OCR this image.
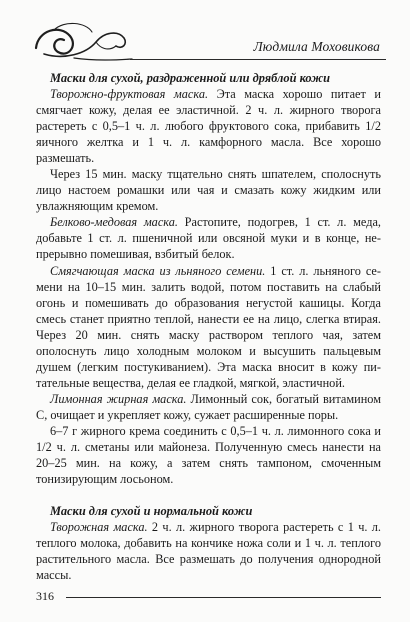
Людмила Моховикова
Маски для сухой, раздраженной или дряблой кожи

Творожно-фруктовая маска. Эта маска хорошо питает и смягчает кожу, делая ее эластичной. 2 ч. л. жирного творога растереть с 0,5–1 ч. л. любого фруктового сока, прибавить 1/2 яичного желтка и 1 ч. л. камфорного масла. Все хорошо размешать.

Через 15 мин. маску тщательно снять шпателем, сполоснуть лицо настоем ромашки или чая и смазать кожу жидким или увлажняющим кремом.

Белково-медовая маска. Растопите, подогрев, 1 ст. л. меда, добавьте 1 ст. л. пшеничной или овсяной муки и в конце, непрерывно помешивая, взбитый белок.

Смягчающая маска из льняного семени. 1 ст. л. льняного семени на 10–15 мин. залить водой, потом поставить на слабый огонь и помешивать до образования негустой кашицы. Когда смесь станет приятно теплой, нанести ее на лицо, слегка втирая. Через 20 мин. снять маску раствором теплого чая, затем ополоснуть лицо холодным молоком и высушить пальцевым душем (легким постукиванием). Эта маска вносит в кожу питательные вещества, делая ее гладкой, мягкой, эластичной.

Лимонная жирная маска. Лимонный сок, богатый витамином С, очищает и укрепляет кожу, сужает расширенные поры.

6–7 г жирного крема соединить с 0,5–1 ч. л. лимонного сока и 1/2 ч. л. сметаны или майонеза. Полученную смесь нанести на 20–25 мин. на кожу, а затем снять тампоном, смоченным тонизирующим лосьоном.

Маски для сухой и нормальной кожи

Творожная маска. 2 ч. л. жирного творога растереть с 1 ч. л. теплого молока, добавить на кончике ножа соли и 1 ч. л. теплого растительного масла. Все размешать до получения однородной массы.

316
